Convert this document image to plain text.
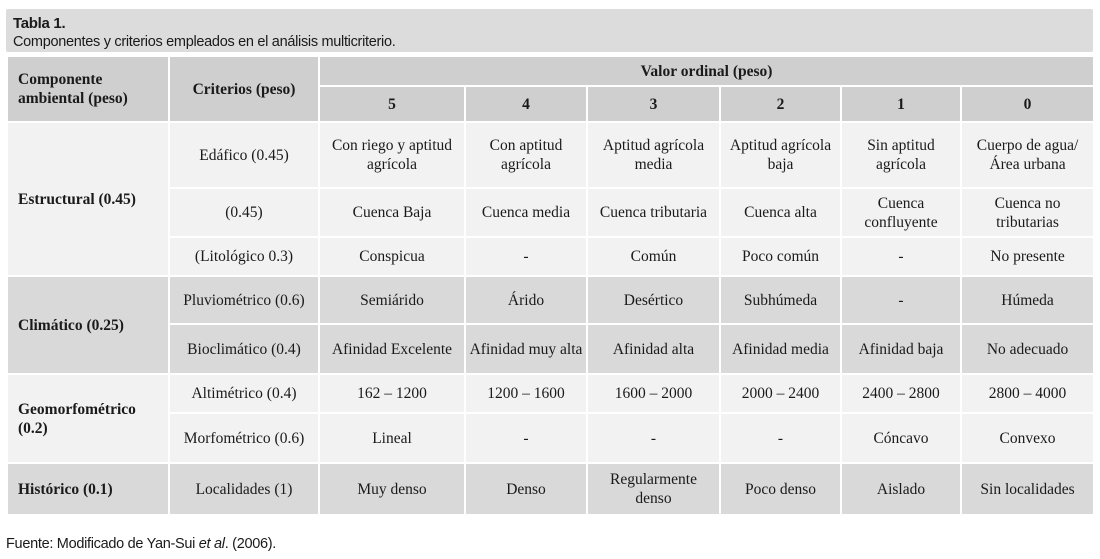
Tabla 1.
Componentes y criterios empleados en el análisis multicriterio.
Componente ambiental (peso)	Criterios (peso)	Valor ordinal (peso)					
		5	4	3	2	1	0
Estructural (0.45)	Edáfico (0.45)	Con riego y aptitud agrícola	Con aptitud agrícola	Aptitud agrícola media	Aptitud agrícola baja	Sin aptitud agrícola	Cuerpo de agua/Área urbana
	(0.45)	Cuenca Baja	Cuenca media	Cuenca tributaria	Cuenca alta	Cuenca confluyente	Cuenca no tributarias
	(Litológico 0.3)	Conspicua	-	Común	Poco común	-	No presente
Climático (0.25)	Pluviométrico (0.6)	Semiárido	Árido	Desértico	Subhúmeda	-	Húmeda
	Bioclimático (0.4)	Afinidad Excelente	Afinidad muy alta	Afinidad alta	Afinidad media	Afinidad baja	No adecuado
Geomorfométrico (0.2)	Altimétrico (0.4)	162 – 1200	1200 – 1600	1600 – 2000	2000 – 2400	2400 – 2800	2800 – 4000
	Morfométrico (0.6)	Lineal	-	-	-	Cóncavo	Convexo
Histórico (0.1)	Localidades (1)	Muy denso	Denso	Regularmente denso	Poco denso	Aislado	Sin localidades
Fuente: Modificado de Yan-Sui et al. (2006).
